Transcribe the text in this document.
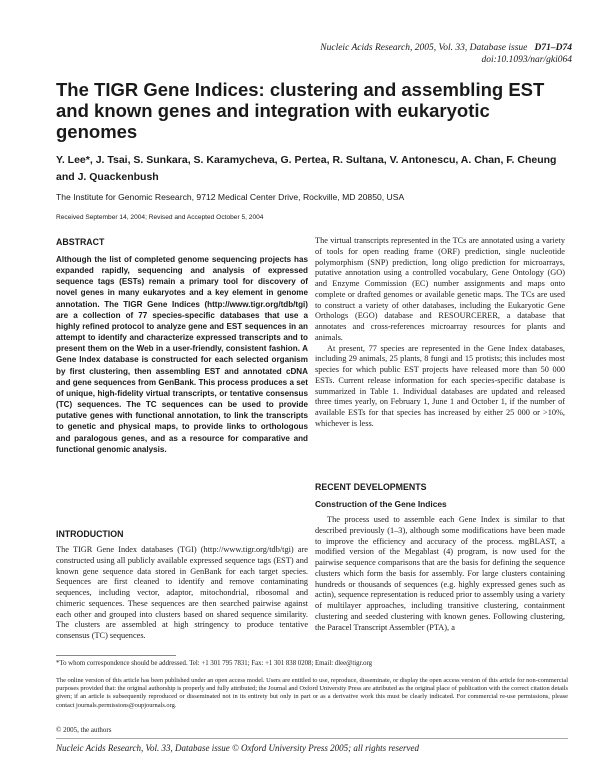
Nucleic Acids Research, 2005, Vol. 33, Database issue D71–D74
doi:10.1093/nar/gki064
The TIGR Gene Indices: clustering and assembling EST and known genes and integration with eukaryotic genomes
Y. Lee*, J. Tsai, S. Sunkara, S. Karamycheva, G. Pertea, R. Sultana, V. Antonescu, A. Chan, F. Cheung and J. Quackenbush
The Institute for Genomic Research, 9712 Medical Center Drive, Rockville, MD 20850, USA
Received September 14, 2004; Revised and Accepted October 5, 2004
ABSTRACT
Although the list of completed genome sequencing projects has expanded rapidly, sequencing and analysis of expressed sequence tags (ESTs) remain a primary tool for discovery of novel genes in many eukaryotes and a key element in genome annotation. The TIGR Gene Indices (http://www.tigr.org/tdb/tgi) are a collection of 77 species-specific databases that use a highly refined protocol to analyze gene and EST sequences in an attempt to identify and characterize expressed transcripts and to present them on the Web in a user-friendly, consistent fashion. A Gene Index database is constructed for each selected organism by first clustering, then assembling EST and annotated cDNA and gene sequences from GenBank. This process produces a set of unique, high-fidelity virtual transcripts, or tentative consensus (TC) sequences. The TC sequences can be used to provide putative genes with functional annotation, to link the transcripts to genetic and physical maps, to provide links to orthologous and paralogous genes, and as a resource for comparative and functional genomic analysis.
INTRODUCTION

The TIGR Gene Index databases (TGI) (http://www.tigr.org/tdb/tgi) are constructed using all publicly available expressed sequence tags (EST) and known gene sequence data stored in GenBank for each target species. Sequences are first cleaned to identify and remove contaminating sequences, including vector, adaptor, mitochondrial, ribosomal and chimeric sequences. These sequences are then searched pairwise against each other and grouped into clusters based on shared sequence similarity. The clusters are assembled at high stringency to produce tentative consensus (TC) sequences.

The virtual transcripts represented in the TCs are annotated using a variety of tools for open reading frame (ORF) prediction, single nucleotide polymorphism (SNP) prediction, long oligo prediction for microarrays, putative annotation using a controlled vocabulary, Gene Ontology (GO) and Enzyme Commission (EC) number assignments and maps onto complete or drafted genomes or available genetic maps. The TCs are used to construct a variety of other databases, including the Eukaryotic Gene Orthologs (EGO) database and RESOURCERER, a database that annotates and cross-references microarray resources for plants and animals.

At present, 77 species are represented in the Gene Index databases, including 29 animals, 25 plants, 8 fungi and 15 protists; this includes most species for which public EST projects have released more than 50 000 ESTs. Current release information for each species-specific database is summarized in Table 1. Individual databases are updated and released three times yearly, on February 1, June 1 and October 1, if the number of available ESTs for that species has increased by either 25 000 or >10%, whichever is less.

RECENT DEVELOPMENTS
Construction of the Gene Indices

The process used to assemble each Gene Index is similar to that described previously (1–3), although some modifications have been made to improve the efficiency and accuracy of the process. mgBLAST, a modified version of the Megablast (4) program, is now used for the pairwise sequence comparisons that are the basis for defining the sequence clusters which form the basis for assembly. For large clusters containing hundreds or thousands of sequences (e.g. highly expressed genes such as actin), sequence representation is reduced prior to assembly using a variety of multilayer approaches, including transitive clustering, containment clustering and seeded clustering with known genes. Following clustering, the Paracel Transcript Assembler (PTA), a

*To whom correspondence should be addressed. Tel: +1 301 795 7831; Fax: +1 301 838 0208; Email: dlee@tigr.org
The online version of this article has been published under an open access model. Users are entitled to use, reproduce, disseminate, or display the open access version of this article for non-commercial purposes provided that: the original authorship is properly and fully attributed; the Journal and Oxford University Press are attributed as the original place of publication with the correct citation details given; if an article is subsequently reproduced or disseminated not in its entirety but only in part or as a derivative work this must be clearly indicated. For commercial re-use permissions, please contact journals.permissions@oupjournals.org.
© 2005, the authors
Nucleic Acids Research, Vol. 33, Database issue © Oxford University Press 2005; all rights reserved
